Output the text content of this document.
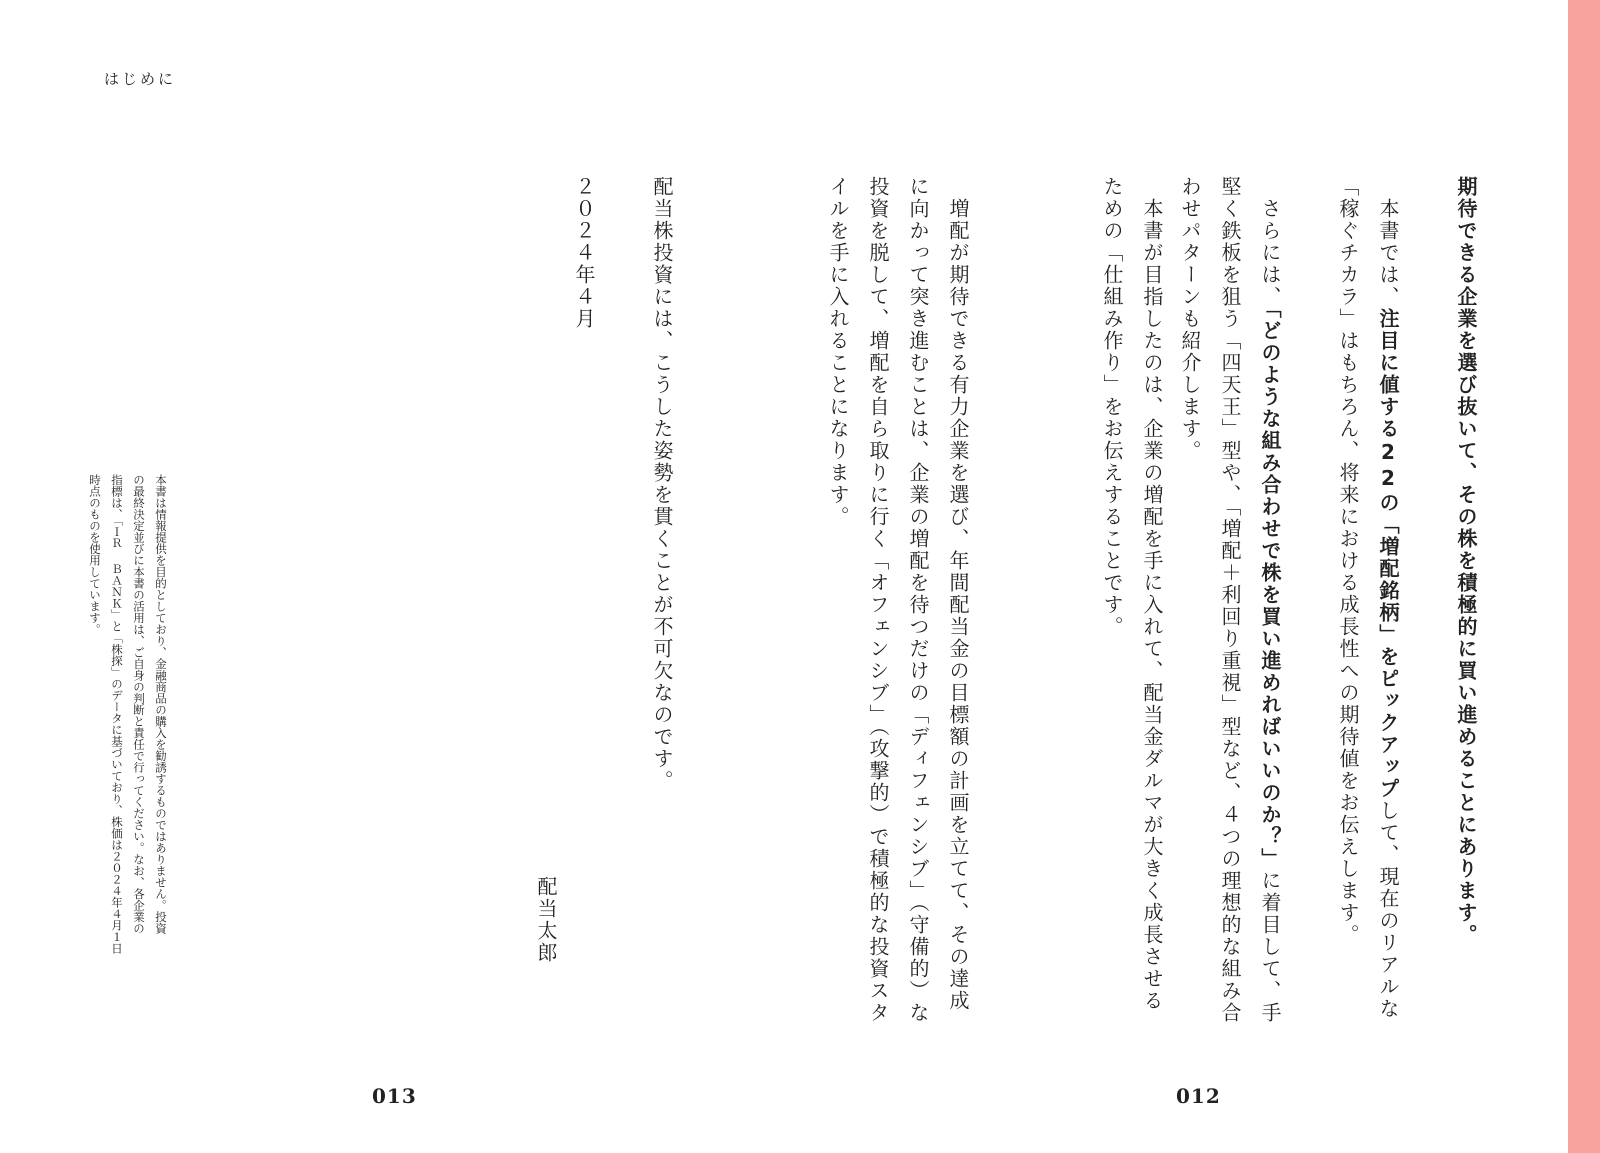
はじめに
期待できる企業を選び抜いて、その株を積極的に買い進めることにあります。
　本書では、注目に値する22の「増配銘柄」をピックアップして、現在のリアルな「稼ぐチカラ」はもちろん、将来における成長性への期待値をお伝えします。
　さらには、「どのような組み合わせで株を買い進めればいいのか？」に着目して、手堅く鉄板を狙う「四天王」型や、「増配＋利回り重視」型など、４つの理想的な組み合わせパターンも紹介します。
　本書が目指したのは、企業の増配を手に入れて、配当金ダルマが大きく成長させるための「仕組み作り」をお伝えすることです。
　増配が期待できる有力企業を選び、年間配当金の目標額の計画を立てて、その達成に向かって突き進むことは、企業の増配を待つだけの「ディフェンシブ」（守備的）な投資を脱して、増配を自ら取りに行く「オフェンシブ」（攻撃的）で積極的な投資スタイルを手に入れることになります。
012
配当株投資には、こうした姿勢を貫くことが不可欠なのです。
２０２４年４月
配当太郎
本書は情報提供を目的としており、金融商品の購入を勧誘するものではありません。投資
の最終決定並びに本書の活用は、ご自身の判断と責任で行ってください。なお、各企業の
指標は、「ＩＲ ＢＡＮＫ」と「株探」のデータに基づいており、株価は２０２４年４月１日
時点のものを使用しています。
013
